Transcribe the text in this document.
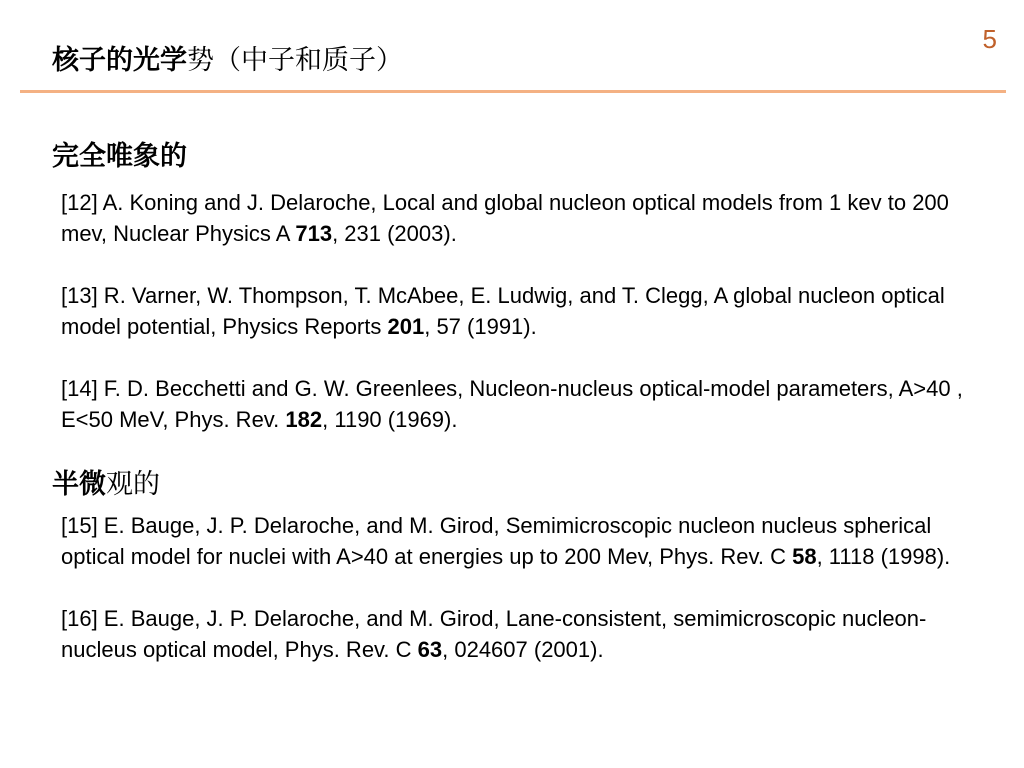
5
核子的光学势（中子和质子）
完全唯象的
[12] A. Koning and J. Delaroche, Local and global nucleon optical models from 1 kev to 200 mev, Nuclear Physics A 713, 231 (2003).
[13] R. Varner, W. Thompson, T. McAbee, E. Ludwig, and T. Clegg, A global nucleon optical model potential, Physics Reports 201, 57 (1991).
[14] F. D. Becchetti and G. W. Greenlees, Nucleon-nucleus optical-model parameters, A>40 , E<50 MeV, Phys. Rev. 182, 1190 (1969).
半微观的
[15] E. Bauge, J. P. Delaroche, and M. Girod, Semimicroscopic nucleon nucleus spherical optical model for nuclei with A>40 at energies up to 200 Mev, Phys. Rev. C 58, 1118 (1998).
[16] E. Bauge, J. P. Delaroche, and M. Girod, Lane-consistent, semimicroscopic nucleon-nucleus optical model, Phys. Rev. C 63, 024607 (2001).
